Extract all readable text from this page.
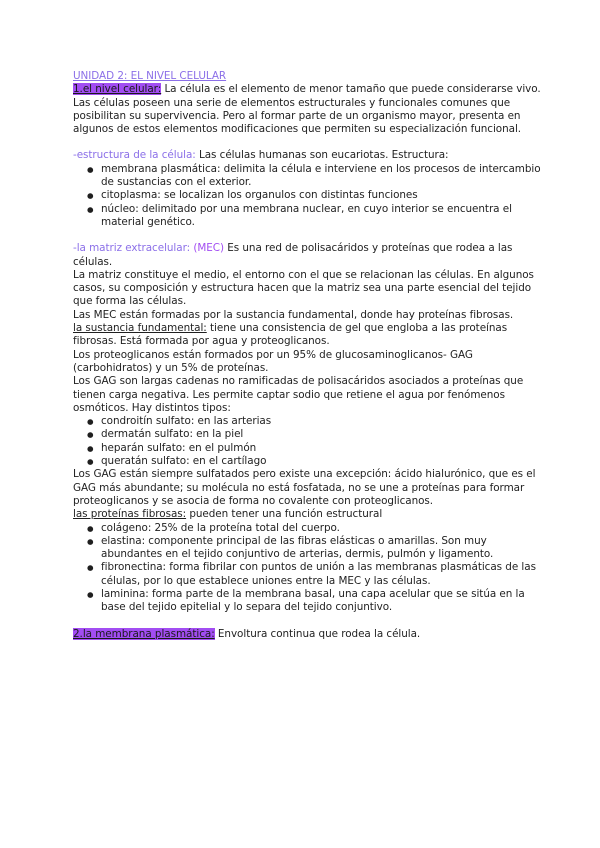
UNIDAD 2: EL NIVEL CELULAR

1.el nivel celular: La célula es el elemento de menor tamaño que puede considerarse vivo.

Las células poseen una serie de elementos estructurales y funcionales comunes que posibilitan su supervivencia. Pero al formar parte de un organismo mayor, presenta en algunos de estos elementos modificaciones que permiten su especialización funcional.

-estructura de la célula: Las células humanas son eucariotas. Estructura:

● membrana plasmática: delimita la célula e interviene en los procesos de intercambio de sustancias con el exterior.
● citoplasma: se localizan los organulos con distintas funciones
● núcleo: delimitado por una membrana nuclear, en cuyo interior se encuentra el material genético.

-la matriz extracelular: (MEC) Es una red de polisacáridos y proteínas que rodea a las células.

La matriz constituye el medio, el entorno con el que se relacionan las células. En algunos casos, su composición y estructura hacen que la matriz sea una parte esencial del tejido que forma las células.

Las MEC están formadas por la sustancia fundamental, donde hay proteínas fibrosas.

la sustancia fundamental: tiene una consistencia de gel que engloba a las proteínas fibrosas. Está formada por agua y proteoglicanos.

Los proteoglicanos están formados por un 95% de glucosaminoglicanos- GAG (carbohidratos) y un 5% de proteínas.

Los GAG son largas cadenas no ramificadas de polisacáridos asociados a proteínas que tienen carga negativa. Les permite captar sodio que retiene el agua por fenómenos osmóticos. Hay distintos tipos:

● condroitín sulfato: en las arterias
● dermatán sulfato: en la piel
● heparán sulfato: en el pulmón
● queratán sulfato: en el cartílago

Los GAG están siempre sulfatados pero existe una excepción: ácido hialurónico, que es el GAG más abundante; su molécula no está fosfatada, no se une a proteínas para formar proteoglicanos y se asocia de forma no covalente con proteoglicanos.

las proteínas fibrosas: pueden tener una función estructural

● colágeno: 25% de la proteína total del cuerpo.
● elastina: componente principal de las fibras elásticas o amarillas. Son muy abundantes en el tejido conjuntivo de arterias, dermis, pulmón y ligamento.
● fibronectina: forma fibrilar con puntos de unión a las membranas plasmáticas de las células, por lo que establece uniones entre la MEC y las células.
● laminina: forma parte de la membrana basal, una capa acelular que se sitúa en la base del tejido epitelial y lo separa del tejido conjuntivo.

2.la membrana plasmática: Envoltura continua que rodea la célula.
